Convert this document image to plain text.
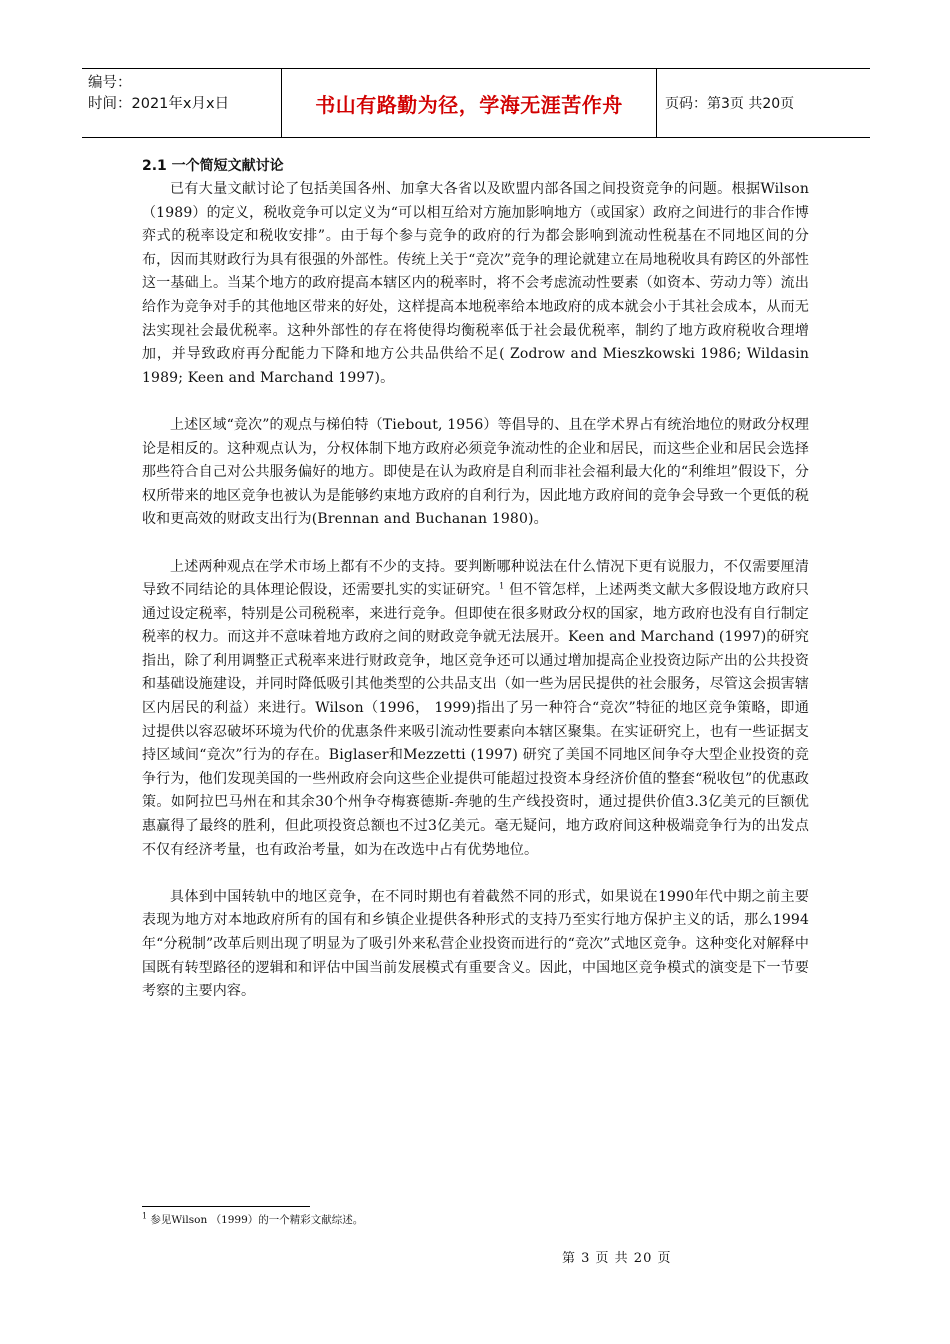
编号：
时间：2021年x月x日	书山有路勤为径，学海无涯苦作舟	页码：第3页 共20页

2.1 一个简短文献讨论

已有大量文献讨论了包括美国各州、加拿大各省以及欧盟内部各国之间投资竞争的问题。根据Wilson（1989）的定义，税收竞争可以定义为“可以相互给对方施加影响地方（或国家）政府之间进行的非合作博弈式的税率设定和税收安排”。由于每个参与竞争的政府的行为都会影响到流动性税基在不同地区间的分布，因而其财政行为具有很强的外部性。传统上关于“竞次”竞争的理论就建立在局地税收具有跨区的外部性这一基础上。当某个地方的政府提高本辖区内的税率时，将不会考虑流动性要素（如资本、劳动力等）流出给作为竞争对手的其他地区带来的好处，这样提高本地税率给本地政府的成本就会小于其社会成本，从而无法实现社会最优税率。这种外部性的存在将使得均衡税率低于社会最优税率，制约了地方政府税收合理增加，并导致政府再分配能力下降和地方公共品供给不足( Zodrow and Mieszkowski 1986; Wildasin 1989; Keen and Marchand 1997)。

上述区域“竞次”的观点与梯伯特（Tiebout, 1956）等倡导的、且在学术界占有统治地位的财政分权理论是相反的。这种观点认为，分权体制下地方政府必须竞争流动性的企业和居民，而这些企业和居民会选择那些符合自己对公共服务偏好的地方。即使是在认为政府是自利而非社会福利最大化的“利维坦”假设下，分权所带来的地区竞争也被认为是能够约束地方政府的自利行为，因此地方政府间的竞争会导致一个更低的税收和更高效的财政支出行为(Brennan and Buchanan 1980)。

上述两种观点在学术市场上都有不少的支持。要判断哪种说法在什么情况下更有说服力，不仅需要厘清导致不同结论的具体理论假设，还需要扎实的实证研究。$^1$ 但不管怎样，上述两类文献大多假设地方政府只通过设定税率，特别是公司税税率，来进行竞争。但即使在很多财政分权的国家，地方政府也没有自行制定税率的权力。而这并不意味着地方政府之间的财政竞争就无法展开。Keen and Marchand (1997)的研究指出，除了利用调整正式税率来进行财政竞争，地区竞争还可以通过增加提高企业投资边际产出的公共投资和基础设施建设，并同时降低吸引其他类型的公共品支出（如一些为居民提供的社会服务，尽管这会损害辖区内居民的利益）来进行。Wilson（1996， 1999)指出了另一种符合“竞次”特征的地区竞争策略，即通过提供以容忍破坏环境为代价的优惠条件来吸引流动性要素向本辖区聚集。在实证研究上，也有一些证据支持区域间“竞次”行为的存在。Biglaser和Mezzetti (1997) 研究了美国不同地区间争夺大型企业投资的竞争行为，他们发现美国的一些州政府会向这些企业提供可能超过投资本身经济价值的整套“税收包”的优惠政策。如阿拉巴马州在和其余30个州争夺梅赛德斯-奔驰的生产线投资时，通过提供价值3.3亿美元的巨额优惠赢得了最终的胜利，但此项投资总额也不过3亿美元。毫无疑问，地方政府间这种极端竞争行为的出发点不仅有经济考量，也有政治考量，如为在改选中占有优势地位。

具体到中国转轨中的地区竞争，在不同时期也有着截然不同的形式，如果说在1990年代中期之前主要表现为地方对本地政府所有的国有和乡镇企业提供各种形式的支持乃至实行地方保护主义的话，那么1994年“分税制”改革后则出现了明显为了吸引外来私营企业投资而进行的“竞次”式地区竞争。这种变化对解释中国既有转型路径的逻辑和和评估中国当前发展模式有重要含义。因此，中国地区竞争模式的演变是下一节要考察的主要内容。

$^1$ 参见Wilson （1999）的一个精彩文献综述。
第 3 页 共 20 页
